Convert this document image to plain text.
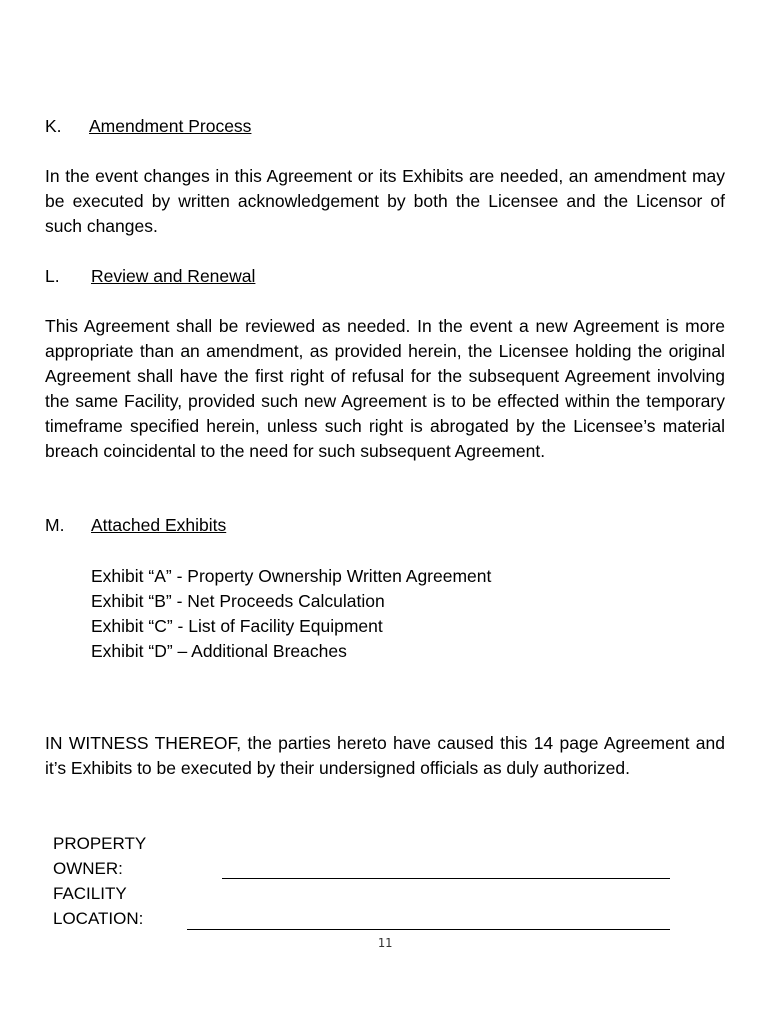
K. Amendment Process

In the event changes in this Agreement or its Exhibits are needed, an amendment may be executed by written acknowledgement by both the Licensee and the Licensor of such changes.

L. Review and Renewal

This Agreement shall be reviewed as needed. In the event a new Agreement is more appropriate than an amendment, as provided herein, the Licensee holding the original Agreement shall have the first right of refusal for the subsequent Agreement involving the same Facility, provided such new Agreement is to be effected within the temporary timeframe specified herein, unless such right is abrogated by the Licensee’s material breach coincidental to the need for such subsequent Agreement.

M. Attached Exhibits
Exhibit “A” - Property Ownership Written Agreement
Exhibit “B” - Net Proceeds Calculation
Exhibit “C” - List of Facility Equipment
Exhibit “D” – Additional Breaches

IN WITNESS THEREOF, the parties hereto have caused this 14 page Agreement and it’s Exhibits to be executed by their undersigned officials as duly authorized.

PROPERTY

OWNER:

FACILITY

LOCATION:

11
